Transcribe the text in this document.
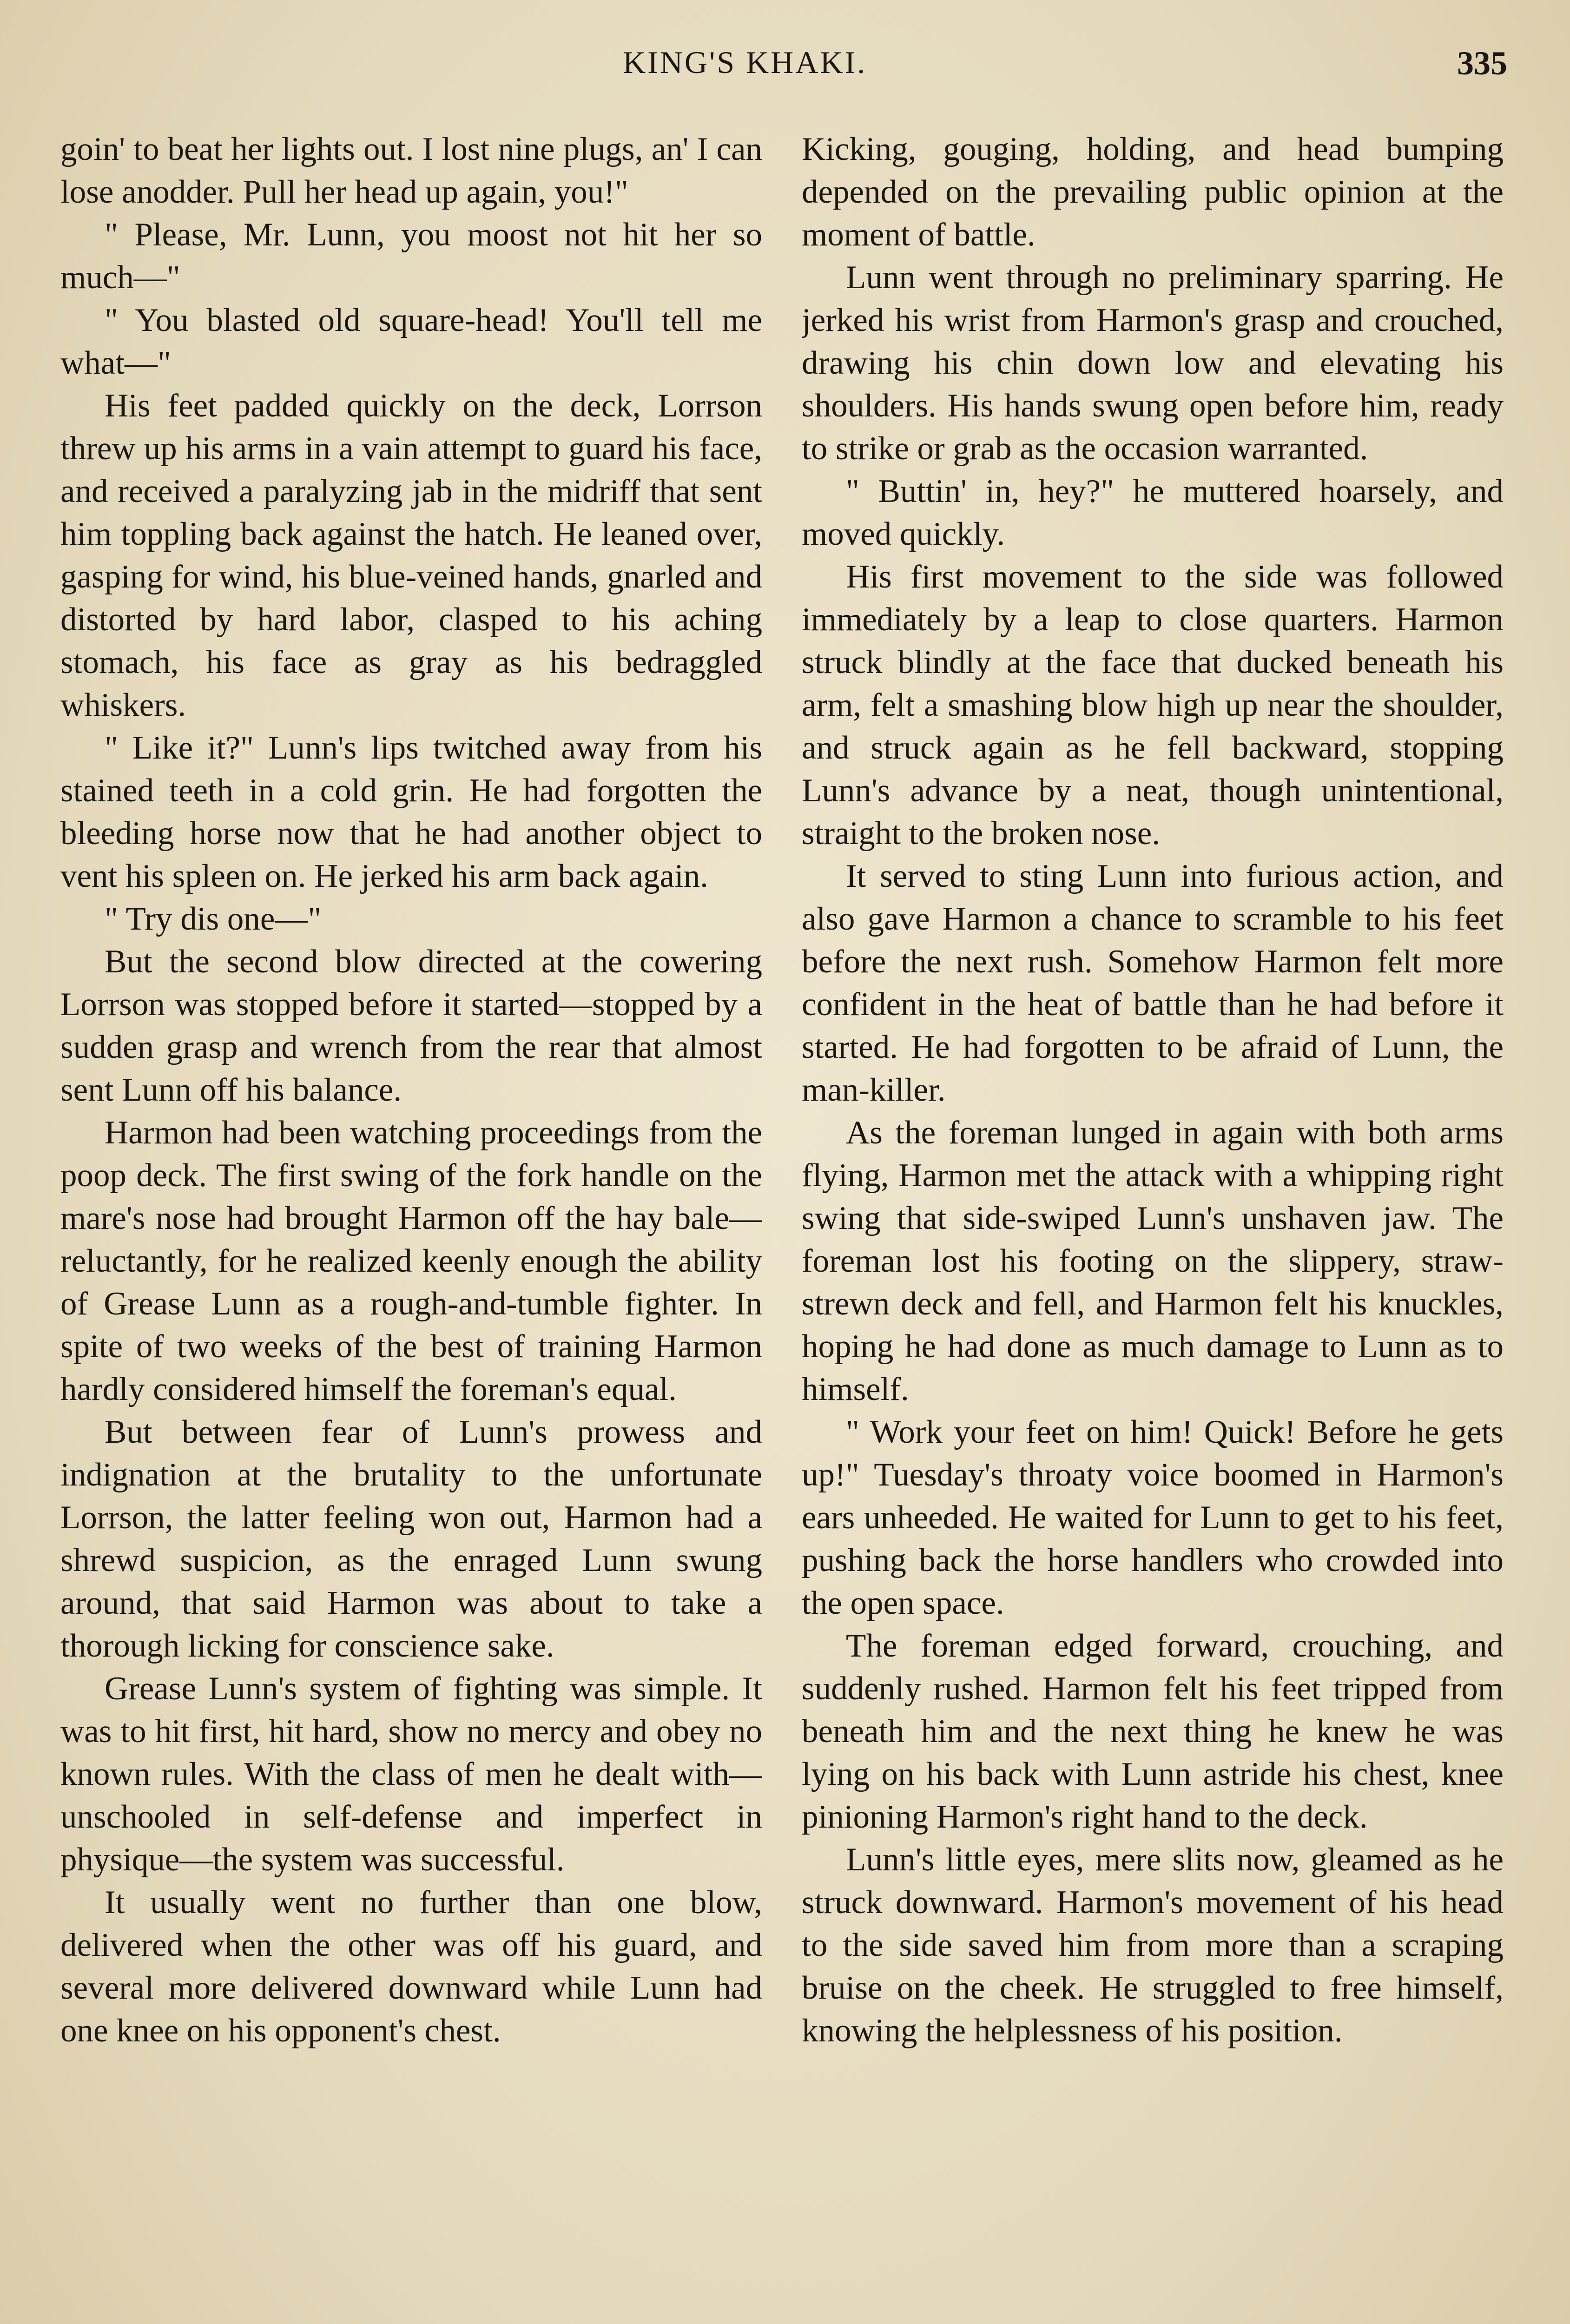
KING'S KHAKI.	335

goin' to beat her lights out. I lost nine plugs, an' I can lose anodder. Pull her head up again, you!"

" Please, Mr. Lunn, you moost not hit her so much—"

" You blasted old square-head! You'll tell me what—"

His feet padded quickly on the deck, Lorrson threw up his arms in a vain attempt to guard his face, and received a paralyzing jab in the midriff that sent him toppling back against the hatch. He leaned over, gasping for wind, his blue-veined hands, gnarled and distorted by hard labor, clasped to his aching stomach, his face as gray as his bedraggled whiskers.

" Like it?" Lunn's lips twitched away from his stained teeth in a cold grin. He had forgotten the bleeding horse now that he had another object to vent his spleen on. He jerked his arm back again.

" Try dis one—"

But the second blow directed at the cowering Lorrson was stopped before it started—stopped by a sudden grasp and wrench from the rear that almost sent Lunn off his balance.

Harmon had been watching proceedings from the poop deck. The first swing of the fork handle on the mare's nose had brought Harmon off the hay bale—reluctantly, for he realized keenly enough the ability of Grease Lunn as a rough-and-tumble fighter. In spite of two weeks of the best of training Harmon hardly considered himself the foreman's equal.

But between fear of Lunn's prowess and indignation at the brutality to the unfortunate Lorrson, the latter feeling won out, Harmon had a shrewd suspicion, as the enraged Lunn swung around, that said Harmon was about to take a thorough licking for conscience sake.

Grease Lunn's system of fighting was simple. It was to hit first, hit hard, show no mercy and obey no known rules. With the class of men he dealt with—unschooled in self-defense and imperfect in physique—the system was successful.

It usually went no further than one blow, delivered when the other was off his guard, and several more delivered downward while Lunn had one knee on his opponent's chest.

Kicking, gouging, holding, and head bumping depended on the prevailing public opinion at the moment of battle.

Lunn went through no preliminary sparring. He jerked his wrist from Harmon's grasp and crouched, drawing his chin down low and elevating his shoulders. His hands swung open before him, ready to strike or grab as the occasion warranted.

" Buttin' in, hey?" he muttered hoarsely, and moved quickly.

His first movement to the side was followed immediately by a leap to close quarters. Harmon struck blindly at the face that ducked beneath his arm, felt a smashing blow high up near the shoulder, and struck again as he fell backward, stopping Lunn's advance by a neat, though unintentional, straight to the broken nose.

It served to sting Lunn into furious action, and also gave Harmon a chance to scramble to his feet before the next rush. Somehow Harmon felt more confident in the heat of battle than he had before it started. He had forgotten to be afraid of Lunn, the man-killer.

As the foreman lunged in again with both arms flying, Harmon met the attack with a whipping right swing that side-swiped Lunn's unshaven jaw. The foreman lost his footing on the slippery, straw-strewn deck and fell, and Harmon felt his knuckles, hoping he had done as much damage to Lunn as to himself.

" Work your feet on him! Quick! Before he gets up!" Tuesday's throaty voice boomed in Harmon's ears unheeded. He waited for Lunn to get to his feet, pushing back the horse handlers who crowded into the open space.

The foreman edged forward, crouching, and suddenly rushed. Harmon felt his feet tripped from beneath him and the next thing he knew he was lying on his back with Lunn astride his chest, knee pinioning Harmon's right hand to the deck.

Lunn's little eyes, mere slits now, gleamed as he struck downward. Harmon's movement of his head to the side saved him from more than a scraping bruise on the cheek. He struggled to free himself, knowing the helplessness of his position.
